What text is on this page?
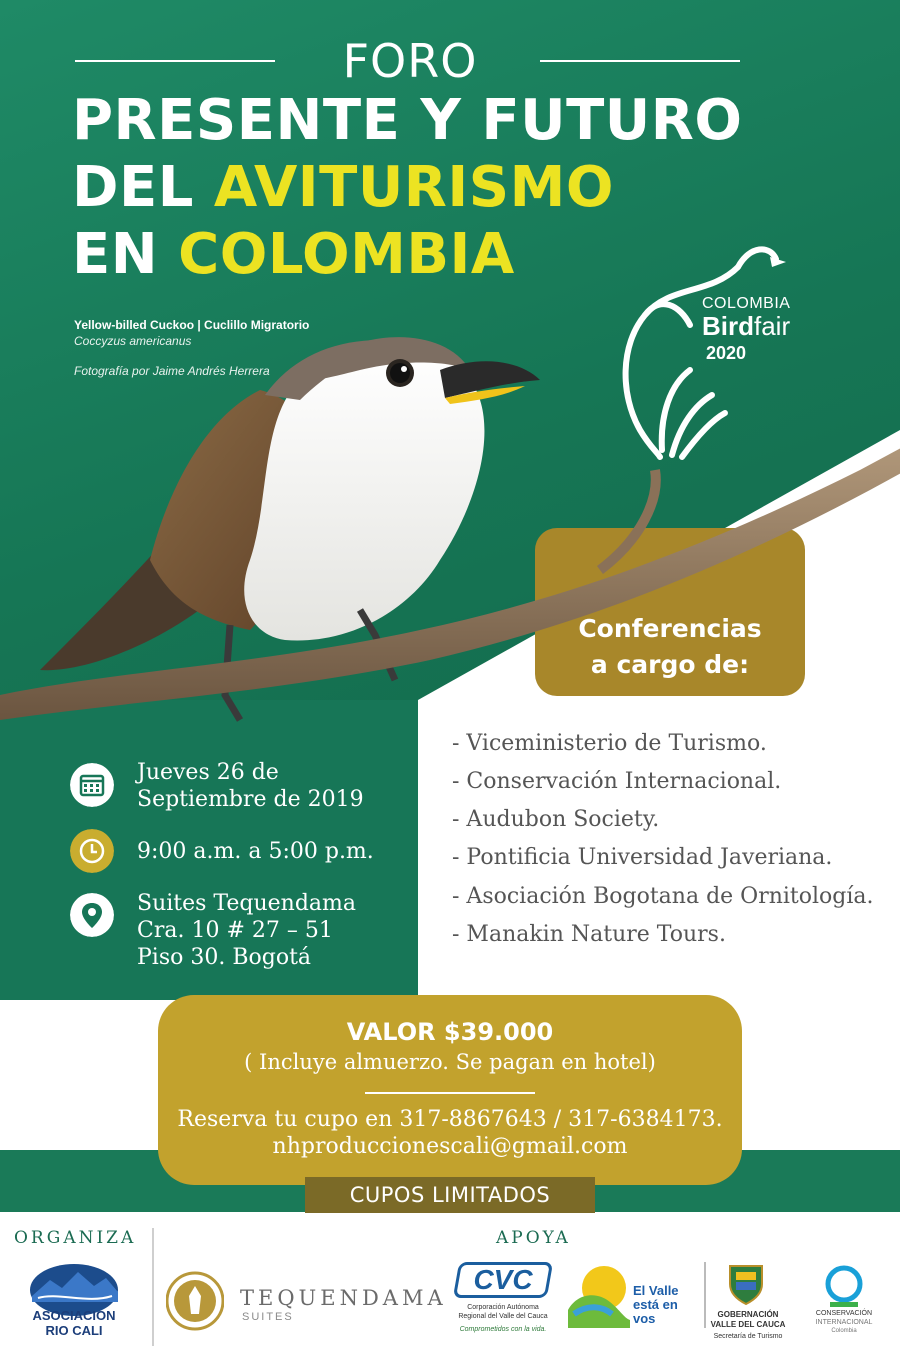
FORO
PRESENTE Y FUTURO
DEL AVITURISMO
EN COLOMBIA
Yellow-billed Cuckoo | Cuclillo Migratorio
Coccyzus americanus
Fotografía por Jaime Andrés Herrera
COLOMBIA
Birdfair
2020
Conferencias
a cargo de:
- Viceministerio de Turismo.
- Conservación Internacional.
- Audubon Society.
- Pontificia Universidad Javeriana.
- Asociación Bogotana de Ornitología.
- Manakin Nature Tours.
Jueves 26 de
Septiembre de 2019
9:00 a.m. a 5:00 p.m.
Suites Tequendama
Cra. 10 # 27 – 51
Piso 30. Bogotá
VALOR $39.000
( Incluye almuerzo. Se pagan en hotel)
Reserva tu cupo en 317-8867643 / 317-6384173.
nhproduccionescali@gmail.com
CUPOS LIMITADOS
ORGANIZA	APOYA
ASOCIACION
RIO CALI
TEQUENDAMA
SUITES
CVC
Corporación Autónoma
Regional del Valle del Cauca
Comprometidos con la vida.
El Valle
está en
vos	GOBERNACIÓN
VALLE DEL CAUCA
Secretaría de Turismo
CONSERVACIÓN
INTERNACIONAL
Colombia
